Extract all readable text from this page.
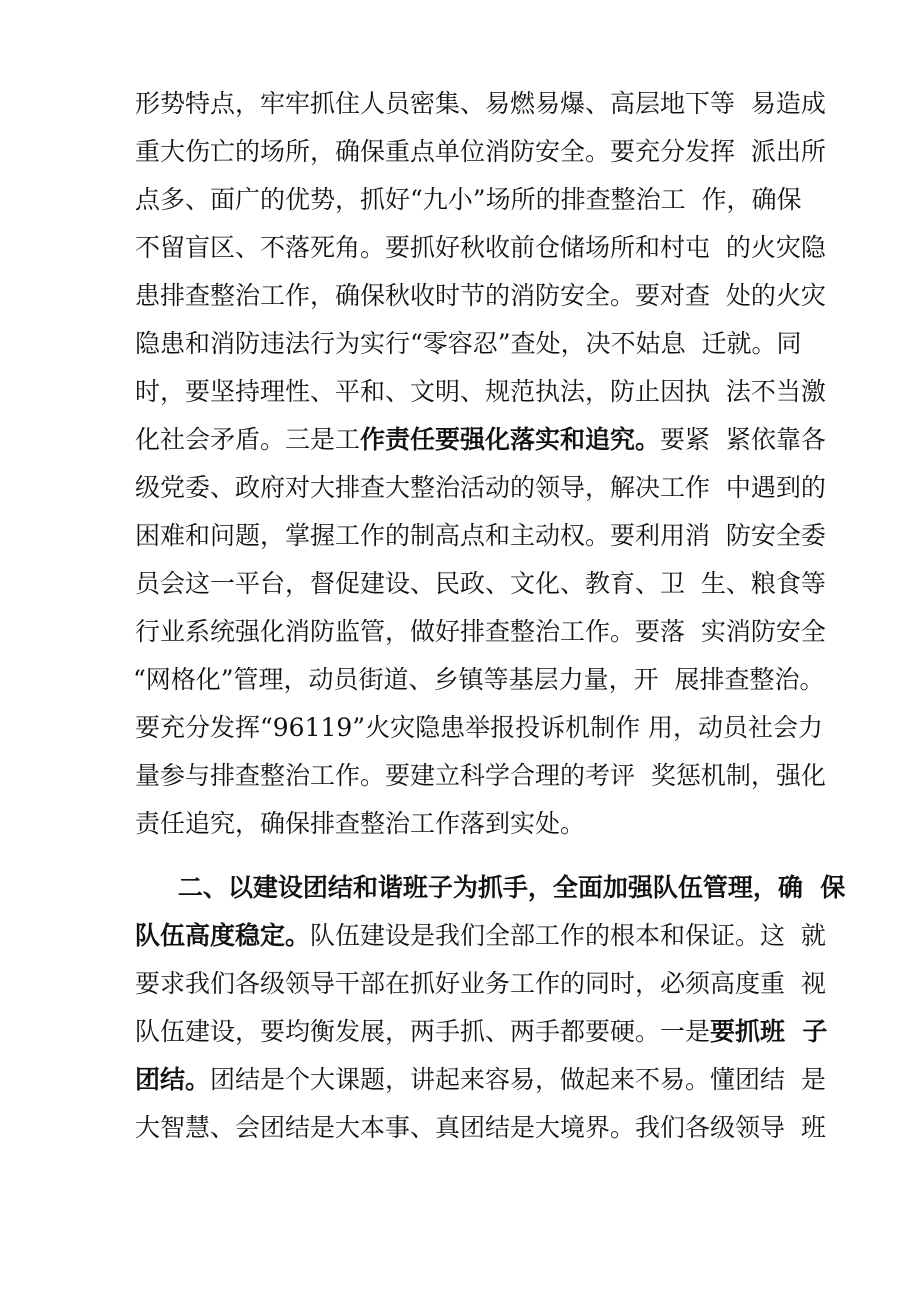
形势特点，牢牢抓住人员密集、易燃易爆、高层地下等  易造成
重大伤亡的场所，确保重点单位消防安全。要充分发挥  派出所
点多、面广的优势，抓好“九小”场所的排查整治工  作，确保
不留盲区、不落死角。要抓好秋收前仓储场所和村屯  的火灾隐
患排查整治工作，确保秋收时节的消防安全。要对查  处的火灾
隐患和消防违法行为实行“零容忍”查处，决不姑息  迁就。同
时，要坚持理性、平和、文明、规范执法，防止因执  法不当激
化社会矛盾。三是工作责任要强化落实和追究。要紧  紧依靠各
级党委、政府对大排查大整治活动的领导，解决工作  中遇到的
困难和问题，掌握工作的制高点和主动权。要利用消  防安全委
员会这一平台，督促建设、民政、文化、教育、卫  生、粮食等
行业系统强化消防监管，做好排查整治工作。要落  实消防安全
“网格化”管理，动员街道、乡镇等基层力量，开  展排查整治。
要充分发挥“96119”火灾隐患举报投诉机制作 用，动员社会力
量参与排查整治工作。要建立科学合理的考评  奖惩机制，强化
责任追究，确保排查整治工作落到实处。
二、以建设团结和谐班子为抓手，全面加强队伍管理，确  保
队伍高度稳定。队伍建设是我们全部工作的根本和保证。这  就
要求我们各级领导干部在抓好业务工作的同时，必须高度重  视
队伍建设，要均衡发展，两手抓、两手都要硬。一是要抓班  子
团结。团结是个大课题，讲起来容易，做起来不易。懂团结  是
大智慧、会团结是大本事、真团结是大境界。我们各级领导  班
